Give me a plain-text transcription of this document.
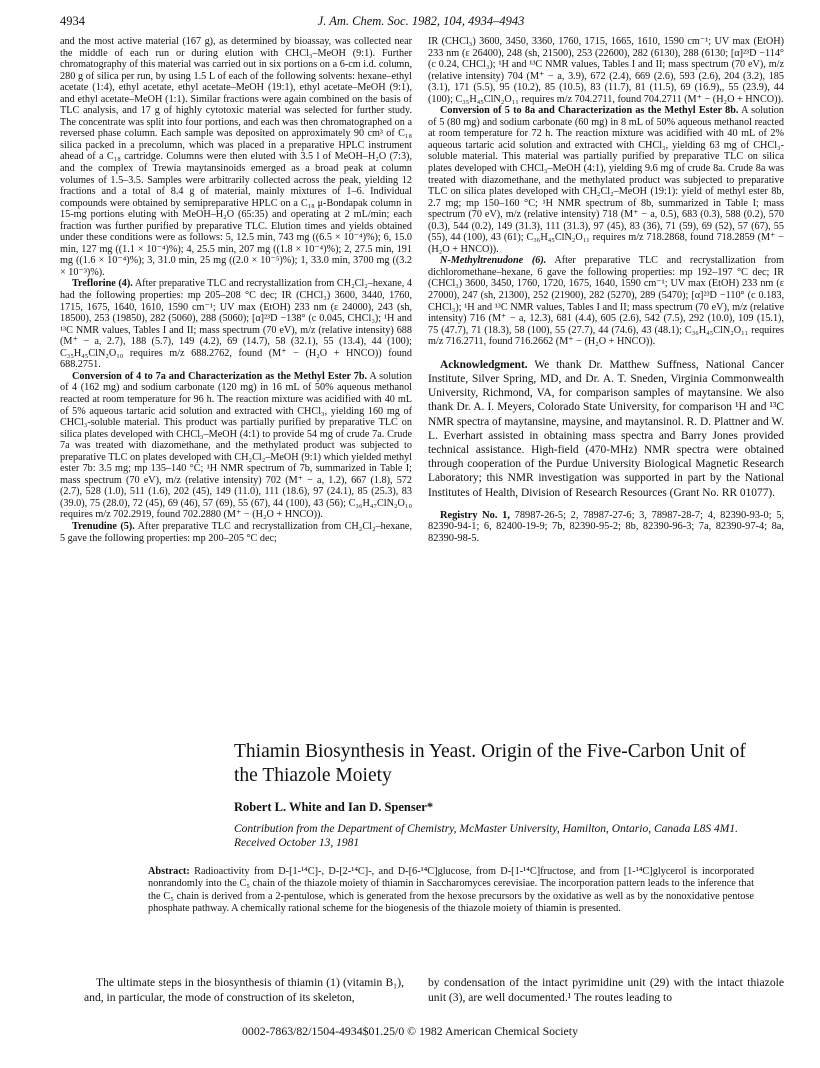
4934	J. Am. Chem. Soc. 1982, 104, 4934–4943

and the most active material (167 g), as determined by bioassay, was collected near the middle of each run or during elution with CHCl₃–MeOH (9:1). Further chromatography of this material was carried out in six portions on a 6-cm i.d. column, 280 g of silica per run, by using 1.5 L of each of the following solvents: hexane–ethyl acetate (1:4), ethyl acetate, ethyl acetate–MeOH (19:1), ethyl acetate–MeOH (9:1), and ethyl acetate–MeOH (1:1). Similar fractions were again combined on the basis of TLC analysis, and 17 g of highly cytotoxic material was selected for further study. The concentrate was split into four portions, and each was then chromatographed on a reversed phase column. Each sample was deposited on approximately 90 cm³ of C₁₈ silica packed in a precolumn, which was placed in a preparative HPLC instrument ahead of a C₁₈ cartridge. Columns were then eluted with 3.5 l of MeOH–H₂O (7:3), and the complex of Trewia maytansinoids emerged as a broad peak at column volumes of 1.5–3.5. Samples were arbitrarily collected across the peak, yielding 12 fractions and a total of 8.4 g of material, mainly mixtures of 1–6. Individual compounds were obtained by semipreparative HPLC on a C₁₈ μ-Bondapak column in 15-mg portions eluting with MeOH–H₂O (65:35) and operating at 2 mL/min; each fraction was further purified by preparative TLC. Elution times and yields obtained under these conditions were as follows: 5, 12.5 min, 743 mg ((6.5 × 10⁻⁴)%); 6, 15.0 min, 127 mg ((1.1 × 10⁻⁴)%); 4, 25.5 min, 207 mg ((1.8 × 10⁻⁴)%); 2, 27.5 min, 191 mg ((1.6 × 10⁻⁴)%); 3, 31.0 min, 25 mg ((2.0 × 10⁻⁵)%); 1, 33.0 min, 3700 mg ((3.2 × 10⁻³)%).

Treflorine (4). After preparative TLC and recrystallization from CH₂Cl₂–hexane, 4 had the following properties: mp 205–208 °C dec; IR (CHCl₃) 3600, 3440, 1760, 1715, 1675, 1640, 1610, 1590 cm⁻¹; UV max (EtOH) 233 nm (ε 24000), 243 (sh, 18500), 253 (19850), 282 (5060), 288 (5060); [α]²³D −138° (c 0.045, CHCl₃); ¹H and ¹³C NMR values, Tables I and II; mass spectrum (70 eV), m/z (relative intensity) 688 (M⁺ − a, 2.7), 188 (5.7), 149 (4.2), 69 (14.7), 58 (32.1), 55 (13.4), 44 (100); C₃₅H₄₅ClN₂O₁₀ requires m/z 688.2762, found (M⁺ − (H₂O + HNCO)) found 688.2751.

Conversion of 4 to 7a and Characterization as the Methyl Ester 7b. A solution of 4 (162 mg) and sodium carbonate (120 mg) in 16 mL of 50% aqueous methanol reacted at room temperature for 96 h. The reaction mixture was acidified with 40 mL of 5% aqueous tartaric acid solution and extracted with CHCl₃, yielding 160 mg of CHCl₃-soluble material. This product was partially purified by preparative TLC on silica plates developed with CHCl₃–MeOH (4:1) to provide 54 mg of crude 7a. Crude 7a was treated with diazomethane, and the methylated product was subjected to preparative TLC on plates developed with CH₂Cl₂–MeOH (9:1) which yielded methyl ester 7b: 3.5 mg; mp 135–140 °C; ¹H NMR spectrum of 7b, summarized in Table I; mass spectrum (70 eV), m/z (relative intensity) 702 (M⁺ − a, 1.2), 667 (1.8), 572 (2.7), 528 (1.0), 511 (1.6), 202 (45), 149 (11.0), 111 (18.6), 97 (24.1), 85 (25.3), 83 (39.0), 75 (28.0), 72 (45), 69 (46), 57 (69), 55 (67), 44 (100), 43 (56); C₃₆H₄₇ClN₂O₁₀ requires m/z 702.2919, found 702.2880 (M⁺ − (H₂O + HNCO)).

Trenudine (5). After preparative TLC and recrystallization from CH₂Cl₂–hexane, 5 gave the following properties: mp 200–205 °C dec;

IR (CHCl₃) 3600, 3450, 3360, 1760, 1715, 1665, 1610, 1590 cm⁻¹; UV max (EtOH) 233 nm (ε 26400), 248 (sh, 21500), 253 (22600), 282 (6130), 288 (6130; [α]²³D −114° (c 0.24, CHCl₃); ¹H and ¹³C NMR values, Tables I and II; mass spectrum (70 eV), m/z (relative intensity) 704 (M⁺ − a, 3.9), 672 (2.4), 669 (2.6), 593 (2.6), 204 (3.2), 185 (3.1), 171 (5.5), 95 (10.2), 85 (10.5), 83 (11.7), 81 (11.5), 69 (16.9),, 55 (23.9), 44 (100); C₃₅H₄₅ClN₂O₁₁ requires m/z 704.2711, found 704.2711 (M⁺ − (H₂O + HNCO)).

Conversion of 5 to 8a and Characterization as the Methyl Ester 8b. A solution of 5 (80 mg) and sodium carbonate (60 mg) in 8 mL of 50% aqueous methanol reacted at room temperature for 72 h. The reaction mixture was acidified with 40 mL of 2% aqueous tartaric acid solution and extracted with CHCl₃, yielding 63 mg of CHCl₃-soluble material. This material was partially purified by preparative TLC on silica plates developed with CHCl₃–MeOH (4:1), yielding 9.6 mg of crude 8a. Crude 8a was treated with diazomethane, and the methylated product was subjected to preparative TLC on silica plates developed with CH₂Cl₂–MeOH (19:1): yield of methyl ester 8b, 2.7 mg; mp 150–160 °C; ¹H NMR spectrum of 8b, summarized in Table I; mass spectrum (70 eV), m/z (relative intensity) 718 (M⁺ − a, 0.5), 683 (0.3), 588 (0.2), 570 (0.3), 544 (0.2), 149 (31.3), 111 (31.3), 97 (45), 83 (36), 71 (59), 69 (52), 57 (67), 55 (55), 44 (100), 43 (61); C₃₆H₄₅ClN₂O₁₁ requires m/z 718.2868, found 718.2859 (M⁺ − (H₂O + HNCO)).

N-Methyltrenudone (6). After preparative TLC and recrystallization from dichloromethane–hexane, 6 gave the following properties: mp 192–197 °C dec; IR (CHCl₃) 3600, 3450, 1760, 1720, 1675, 1640, 1590 cm⁻¹; UV max (EtOH) 233 nm (ε 27000), 247 (sh, 21300), 252 (21900), 282 (5270), 289 (5470); [α]²³D −110° (c 0.183, CHCl₃); ¹H and ¹³C NMR values, Tables I and II; mass spectrum (70 eV), m/z (relative intensity) 716 (M⁺ − a, 12.3), 681 (4.4), 605 (2.6), 542 (7.5), 292 (10.0), 109 (15.1), 75 (47.7), 71 (18.3), 58 (100), 55 (27.7), 44 (74.6), 43 (48.1); C₃₆H₄₅ClN₂O₁₁ requires m/z 716.2711, found 716.2662 (M⁺ − (H₂O + HNCO)).

Acknowledgment. We thank Dr. Matthew Suffness, National Cancer Institute, Silver Spring, MD, and Dr. A. T. Sneden, Virginia Commonwealth University, Richmond, VA, for comparison samples of maytansine. We also thank Dr. A. I. Meyers, Colorado State University, for comparison ¹H and ¹³C NMR spectra of maytansine, maysine, and maytansinol. R. D. Plattner and W. L. Everhart assisted in obtaining mass spectra and Barry Jones provided technical assistance. High-field (470-MHz) NMR spectra were obtained through cooperation of the Purdue University Biological Magnetic Research Laboratory; this NMR investigation was supported in part by the National Institutes of Health, Division of Research Resources (Grant No. RR 01077).

Registry No. 1, 78987-26-5; 2, 78987-27-6; 3, 78987-28-7; 4, 82390-93-0; 5, 82390-94-1; 6, 82400-19-9; 7b, 82390-95-2; 8b, 82390-96-3; 7a, 82390-97-4; 8a, 82390-98-5.

Thiamin Biosynthesis in Yeast. Origin of the Five-Carbon Unit of the Thiazole Moiety
Robert L. White and Ian D. Spenser*
Contribution from the Department of Chemistry, McMaster University, Hamilton, Ontario, Canada L8S 4M1. Received October 13, 1981
Abstract: Radioactivity from D-[1-¹⁴C]-, D-[2-¹⁴C]-, and D-[6-¹⁴C]glucose, from D-[1-¹⁴C]fructose, and from [1-¹⁴C]glycerol is incorporated nonrandomly into the C₅ chain of the thiazole moiety of thiamin in Saccharomyces cerevisiae. The incorporation pattern leads to the inference that the C₅ chain is derived from a 2-pentulose, which is generated from the hexose precursors by the oxidative as well as by the nonoxidative pentose phosphate pathway. A chemically rational scheme for the biogenesis of the thiazole moiety of thiamin is presented.
The ultimate steps in the biosynthesis of thiamin (1) (vitamin B₁), and, in particular, the mode of construction of its skeleton,
by condensation of the intact pyrimidine unit (29) with the intact thiazole unit (3), are well documented.¹ The routes leading to
0002-7863/82/1504-4934$01.25/0 © 1982 American Chemical Society
